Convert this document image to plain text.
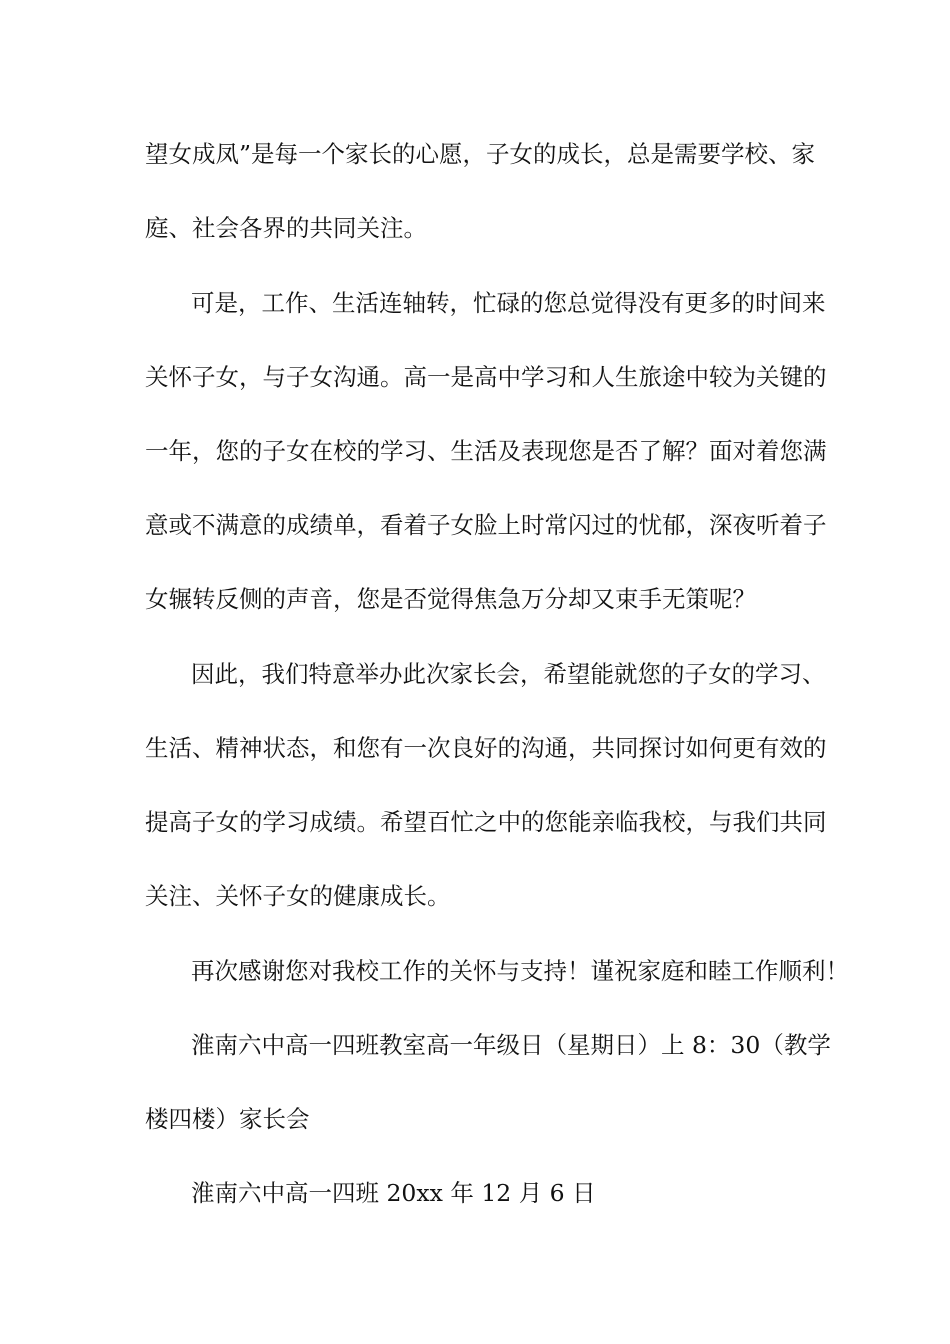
望女成凤”是每一个家长的心愿，子女的成长，总是需要学校、家
庭、社会各界的共同关注。
可是，工作、生活连轴转，忙碌的您总觉得没有更多的时间来
关怀子女，与子女沟通。高一是高中学习和人生旅途中较为关键的
一年，您的子女在校的学习、生活及表现您是否了解？面对着您满
意或不满意的成绩单，看着子女脸上时常闪过的忧郁，深夜听着子
女辗转反侧的声音，您是否觉得焦急万分却又束手无策呢？
因此，我们特意举办此次家长会，希望能就您的子女的学习、
生活、精神状态，和您有一次良好的沟通，共同探讨如何更有效的
提高子女的学习成绩。希望百忙之中的您能亲临我校，与我们共同
关注、关怀子女的健康成长。
再次感谢您对我校工作的关怀与支持！谨祝家庭和睦工作顺利！
淮南六中高一四班教室高一年级日（星期日）上 8：30（教学
楼四楼）家长会
淮南六中高一四班 20xx 年 12 月 6 日
